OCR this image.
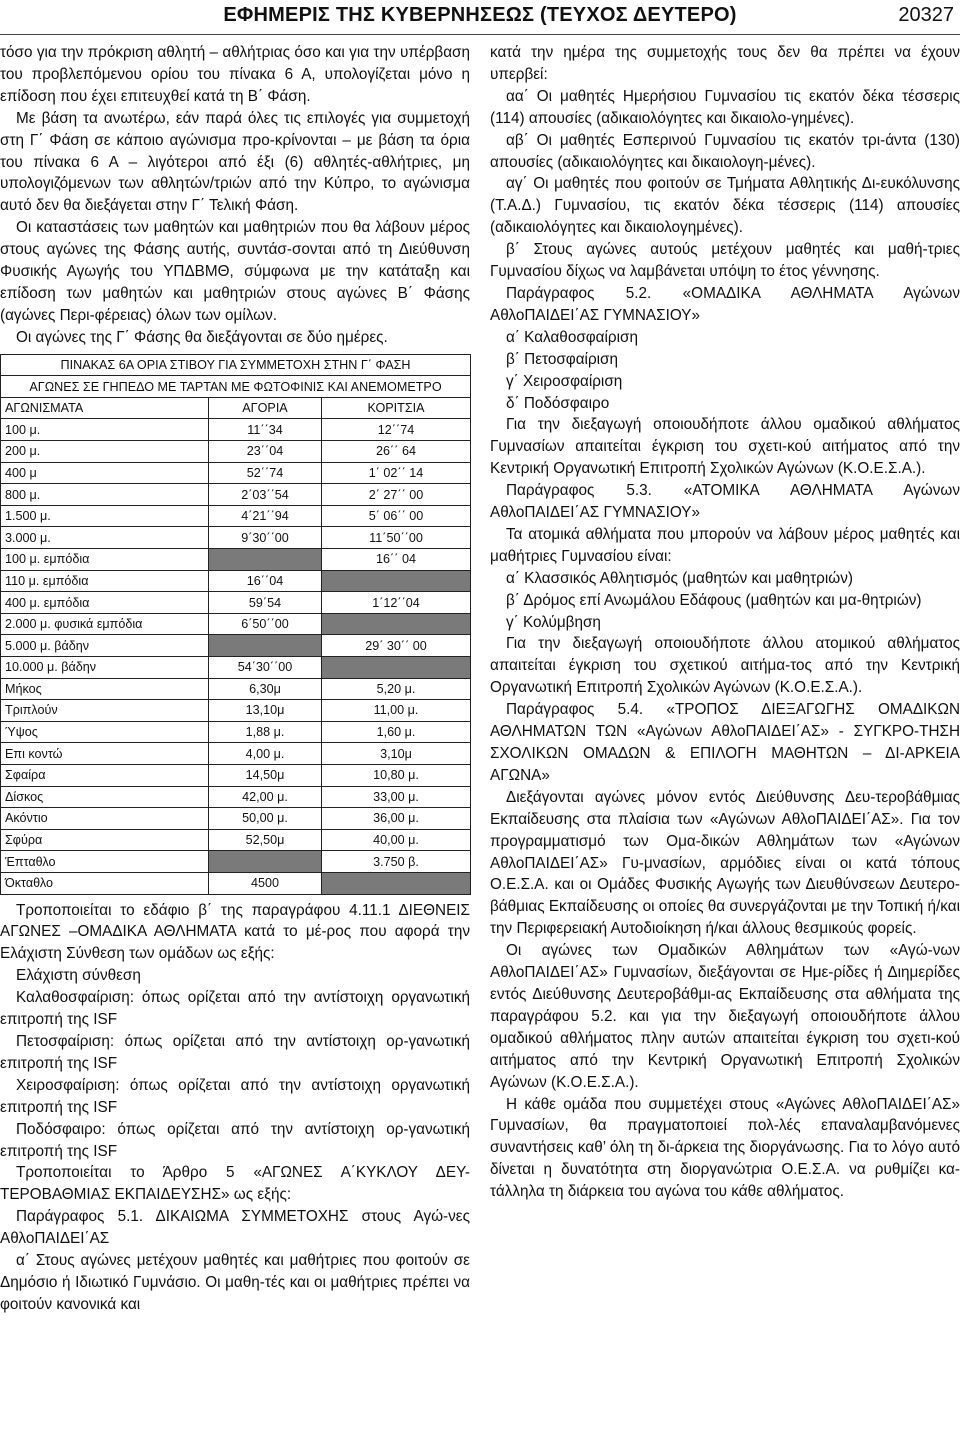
ΕΦΗΜΕΡΙΣ ΤΗΣ ΚΥΒΕΡΝΗΣΕΩΣ (ΤΕΥΧΟΣ ΔΕΥΤΕΡΟ)	20327

τόσο για την πρόκριση αθλητή – αθλήτριας όσο και για την υπέρβαση του προβλεπόμενου ορίου του πίνακα 6 Α, υπολογίζεται μόνο η επίδοση που έχει επιτευχθεί κατά τη Β΄ Φάση.

Με βάση τα ανωτέρω, εάν παρά όλες τις επιλογές για συμμετοχή στη Γ΄ Φάση σε κάποιο αγώνισμα προ-κρίνονται – με βάση τα όρια του πίνακα 6 Α – λιγότεροι από έξι (6) αθλητές-αθλήτριες, μη υπολογιζόμενων των αθλητών/τριών από την Κύπρο, το αγώνισμα αυτό δεν θα διεξάγεται στην Γ΄ Τελική Φάση.

Οι καταστάσεις των μαθητών και μαθητριών που θα λάβουν μέρος στους αγώνες της Φάσης αυτής, συντάσ-σονται από τη Διεύθυνση Φυσικής Αγωγής του ΥΠΔΒΜΘ, σύμφωνα με την κατάταξη και επίδοση των μαθητών και μαθητριών στους αγώνες Β΄ Φάσης (αγώνες Περι-φέρειας) όλων των ομίλων.

Οι αγώνες της Γ΄ Φάσης θα διεξάγονται σε δύο ημέρες.

ΠΙΝΑΚΑΣ 6Α ΟΡΙΑ ΣΤΙΒΟΥ ΓΙΑ ΣΥΜΜΕΤΟΧΗ ΣΤΗΝ Γ΄ ΦΑΣΗ		
ΑΓΩΝΕΣ ΣΕ ΓΗΠΕΔΟ ΜΕ ΤΑΡΤΑΝ ΜΕ ΦΩΤΟΦΙΝΙΣ ΚΑΙ ΑΝΕΜΟΜΕΤΡΟ		
ΑΓΩΝΙΣΜΑΤΑ	ΑΓΟΡΙΑ	ΚΟΡΙΤΣΙΑ
100 μ.	11΄΄34	12΄΄74
200 μ.	23΄΄04	26΄΄ 64
400 μ	52΄΄74	1΄ 02΄΄ 14
800 μ.	2΄03΄΄54	2΄ 27΄΄ 00
1.500 μ.	4΄21΄΄94	5΄ 06΄΄ 00
3.000 μ.	9΄30΄΄00	11΄50΄΄00
100 μ. εμπόδια		16΄΄ 04
110 μ. εμπόδια	16΄΄04	
400 μ. εμπόδια	59΄54	1΄12΄΄04
2.000 μ. φυσικά εμπόδια	6΄50΄΄00	
5.000 μ. βάδην		29΄ 30΄΄ 00
10.000 μ. βάδην	54΄30΄΄00	
Μήκος	6,30μ	5,20 μ.
Τριπλούν	13,10μ	11,00 μ.
Ύψος	1,88 μ.	1,60 μ.
Επι κοντώ	4,00 μ.	3,10μ
Σφαίρα	14,50μ	10,80 μ.
Δίσκος	42,00 μ.	33,00 μ.
Ακόντιο	50,00 μ.	36,00 μ.
Σφύρα	52,50μ	40,00 μ.
Έπταθλο		3.750 β.
Όκταθλο	4500	

Τροποποιείται το εδάφιο β΄ της παραγράφου 4.11.1 ΔΙΕΘΝΕΙΣ ΑΓΩΝΕΣ –ΟΜΑΔΙΚΑ ΑΘΛΗΜΑΤΑ κατά το μέ-ρος που αφορά την Ελάχιστη Σύνθεση των ομάδων ως εξής:

Ελάχιστη σύνθεση

Καλαθοσφαίριση: όπως ορίζεται από την αντίστοιχη οργανωτική επιτροπή της ISF

Πετοσφαίριση: όπως ορίζεται από την αντίστοιχη ορ-γανωτική επιτροπή της ISF

Χειροσφαίριση: όπως ορίζεται από την αντίστοιχη οργανωτική επιτροπή της ISF

Ποδόσφαιρο: όπως ορίζεται από την αντίστοιχη ορ-γανωτική επιτροπή της ISF

Τροποποιείται το Άρθρο 5 «ΑΓΩΝΕΣ Α΄ΚΥΚΛΟΥ ΔΕΥ-ΤΕΡΟΒΑΘΜΙΑΣ ΕΚΠΑΙΔΕΥΣΗΣ» ως εξής:

Παράγραφος 5.1. ΔΙΚΑΙΩΜΑ ΣΥΜΜΕΤΟΧΗΣ στους Αγώ-νες ΑθλοΠΑΙΔΕΙ΄ΑΣ

α΄ Στους αγώνες μετέχουν μαθητές και μαθήτριες που φοιτούν σε Δημόσιο ή Ιδιωτικό Γυμνάσιο. Οι μαθη-τές και οι μαθήτριες πρέπει να φοιτούν κανονικά και

κατά την ημέρα της συμμετοχής τους δεν θα πρέπει να έχουν υπερβεί:

αα΄ Οι μαθητές Ημερήσιου Γυμνασίου τις εκατόν δέκα τέσσερις (114) απουσίες (αδικαιολόγητες και δικαιολο-γημένες).

αβ΄ Οι μαθητές Εσπερινού Γυμνασίου τις εκατόν τρι-άντα (130) απουσίες (αδικαιολόγητες και δικαιολογη-μένες).

αγ΄ Οι μαθητές που φοιτούν σε Τμήματα Αθλητικής Δι-ευκόλυνσης (Τ.Α.Δ.) Γυμνασίου, τις εκατόν δέκα τέσσερις (114) απουσίες (αδικαιολόγητες και δικαιολογημένες).

β΄ Στους αγώνες αυτούς μετέχουν μαθητές και μαθή-τριες Γυμνασίου δίχως να λαμβάνεται υπόψη το έτος γέννησης.

Παράγραφος 5.2. «ΟΜΑΔΙΚΑ ΑΘΛΗΜΑΤΑ Αγώνων ΑθλοΠΑΙΔΕΙ΄ΑΣ ΓΥΜΝΑΣΙΟΥ»

α΄ Καλαθοσφαίριση

β΄ Πετοσφαίριση

γ΄ Χειροσφαίριση

δ΄ Ποδόσφαιρο

Για την διεξαγωγή οποιουδήποτε άλλου ομαδικού αθλήματος Γυμνασίων απαιτείται έγκριση του σχετι-κού αιτήματος από την Κεντρική Οργανωτική Επιτροπή Σχολικών Αγώνων (Κ.Ο.Ε.Σ.Α.).

Παράγραφος 5.3. «ΑΤΟΜΙΚΑ ΑΘΛΗΜΑΤΑ Αγώνων ΑθλοΠΑΙΔΕΙ΄ΑΣ ΓΥΜΝΑΣΙΟΥ»

Τα ατομικά αθλήματα που μπορούν να λάβουν μέρος μαθητές και μαθήτριες Γυμνασίου είναι:

α΄ Κλασσικός Αθλητισμός (μαθητών και μαθητριών)

β΄ Δρόμος επί Ανωμάλου Εδάφους (μαθητών και μα-θητριών)

γ΄ Κολύμβηση

Για την διεξαγωγή οποιουδήποτε άλλου ατομικού αθλήματος απαιτείται έγκριση του σχετικού αιτήμα-τος από την Κεντρική Οργανωτική Επιτροπή Σχολικών Αγώνων (Κ.Ο.Ε.Σ.Α.).

Παράγραφος 5.4. «ΤΡΟΠΟΣ ΔΙΕΞΑΓΩΓΗΣ ΟΜΑΔΙΚΩΝ ΑΘΛΗΜΑΤΩΝ ΤΩΝ «Αγώνων ΑθλοΠΑΙΔΕΙ΄ΑΣ» - ΣΥΓΚΡΟ-ΤΗΣΗ ΣΧΟΛΙΚΩΝ ΟΜΑΔΩΝ & ΕΠΙΛΟΓΗ ΜΑΘΗΤΩΝ – ΔΙ-ΑΡΚΕΙΑ ΑΓΩΝΑ»

Διεξάγονται αγώνες μόνον εντός Διεύθυνσης Δευ-τεροβάθμιας Εκπαίδευσης στα πλαίσια των «Αγώνων ΑθλοΠΑΙΔΕΙ΄ΑΣ». Για τον προγραμματισμό των Ομα-δικών Αθλημάτων των «Αγώνων ΑθλοΠΑΙΔΕΙ΄ΑΣ» Γυ-μνασίων, αρμόδιες είναι οι κατά τόπους Ο.Ε.Σ.Α. και οι Ομάδες Φυσικής Αγωγής των Διευθύνσεων Δευτερο-βάθμιας Εκπαίδευσης οι οποίες θα συνεργάζονται με την Τοπική ή/και την Περιφερειακή Αυτοδιοίκηση ή/και άλλους θεσμικούς φορείς.

Οι αγώνες των Ομαδικών Αθλημάτων των «Αγώ-νων ΑθλοΠΑΙΔΕΙ΄ΑΣ» Γυμνασίων, διεξάγονται σε Ημε-ρίδες ή Διημερίδες εντός Διεύθυνσης Δευτεροβάθμι-ας Εκπαίδευσης στα αθλήματα της παραγράφου 5.2. και για την διεξαγωγή οποιουδήποτε άλλου ομαδικού αθλήματος πλην αυτών απαιτείται έγκριση του σχετι-κού αιτήματος από την Κεντρική Οργανωτική Επιτροπή Σχολικών Αγώνων (Κ.Ο.Ε.Σ.Α.).

Η κάθε ομάδα που συμμετέχει στους «Αγώνες ΑθλοΠΑΙΔΕΙ΄ΑΣ» Γυμνασίων, θα πραγματοποιεί πολ-λές επαναλαμβανόμενες συναντήσεις καθ’ όλη τη δι-άρκεια της διοργάνωσης. Για το λόγο αυτό δίνεται η δυνατότητα στη διοργανώτρια Ο.Ε.Σ.Α. να ρυθμίζει κα-τάλληλα τη διάρκεια του αγώνα του κάθε αθλήματος.
